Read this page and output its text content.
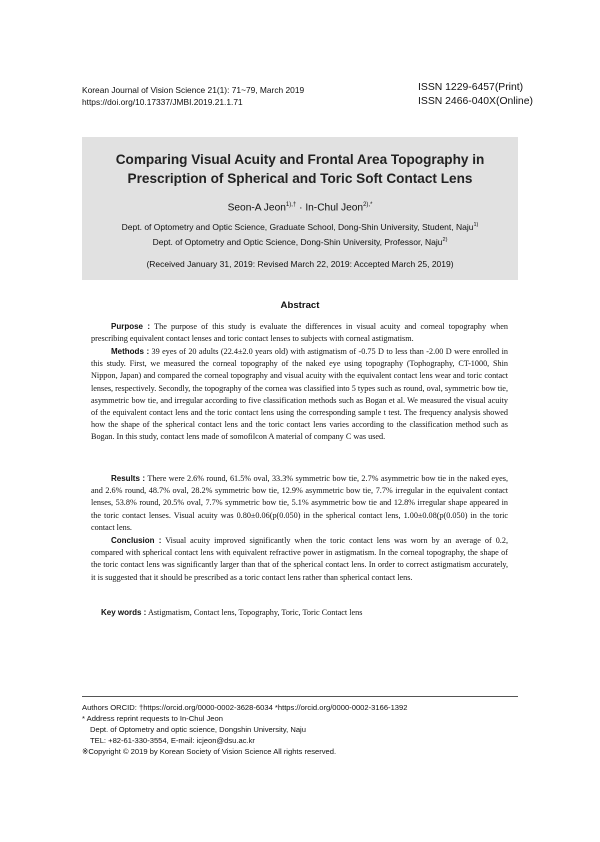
Korean Journal of Vision Science 21(1): 71~79, March 2019
https://doi.org/10.17337/JMBI.2019.21.1.71
ISSN 1229-6457(Print)
ISSN 2466-040X(Online)
Comparing Visual Acuity and Frontal Area Topography in
Prescription of Spherical and Toric Soft Contact Lens
Seon-A Jeon$^{1),\dagger}$ · In-Chul Jeon$^{2),*}$
Dept. of Optometry and Optic Science, Graduate School, Dong-Shin University, Student, Naju$^{1)}$
Dept. of Optometry and Optic Science, Dong-Shin University, Professor, Naju$^{2)}$
(Received January 31, 2019: Revised March 22, 2019: Accepted March 25, 2019)
Abstract

Purpose : The purpose of this study is evaluate the differences in visual acuity and corneal topography when prescribing equivalent contact lenses and toric contact lenses to subjects with corneal astigmatism.

Methods : 39 eyes of 20 adults (22.4±2.0 years old) with astigmatism of -0.75 D to less than -2.00 D were enrolled in this study. First, we measured the corneal topography of the naked eye using topography (Tophography, CT-1000, Shin Nippon, Japan) and compared the corneal topography and visual acuity with the equivalent contact lens wear and toric contact lenses, respectively. Secondly, the topography of the cornea was classified into 5 types such as round, oval, symmetric bow tie, asymmetric bow tie, and irregular according to five classification methods such as Bogan et al. We measured the visual acuity of the equivalent contact lens and the toric contact lens using the corresponding sample t test. The frequency analysis showed how the shape of the spherical contact lens and the toric contact lens varies according to the classification method such as Bogan. In this study, contact lens made of somofilcon A material of company C was used.

Results : There were 2.6% round, 61.5% oval, 33.3% symmetric bow tie, 2.7% asymmetric bow tie in the naked eyes, and 2.6% round, 48.7% oval, 28.2% symmetric bow tie, 12.9% asymmetric bow tie, 7.7% irregular in the equivalent contact lenses, 53.8% round, 20.5% oval, 7.7% symmetric bow tie, 5.1% asymmetric bow tie and 12.8% irregular shape appeared in the toric contact lenses. Visual acuity was 0.80±0.06(p(0.050) in the spherical contact lens, 1.00±0.08(p(0.050) in the toric contact lens.

Conclusion : Visual acuity improved significantly when the toric contact lens was worn by an average of 0.2, compared with spherical contact lens with equivalent refractive power in astigmatism. In the corneal topography, the shape of the toric contact lens was significantly larger than that of the spherical contact lens. In order to correct astigmatism accurately, it is suggested that it should be prescribed as a toric contact lens rather than spherical contact lens.

Key words : Astigmatism, Contact lens, Topography, Toric, Toric Contact lens
Authors ORCID: †https://orcid.org/0000-0002-3628-6034 *https://orcid.org/0000-0002-3166-1392
* Address reprint requests to In-Chul Jeon
Dept. of Optometry and optic science, Dongshin University, Naju
TEL: +82-61-330-3554, E-mail: icjeon@dsu.ac.kr
※Copyright © 2019 by Korean Society of Vision Science All rights reserved.
